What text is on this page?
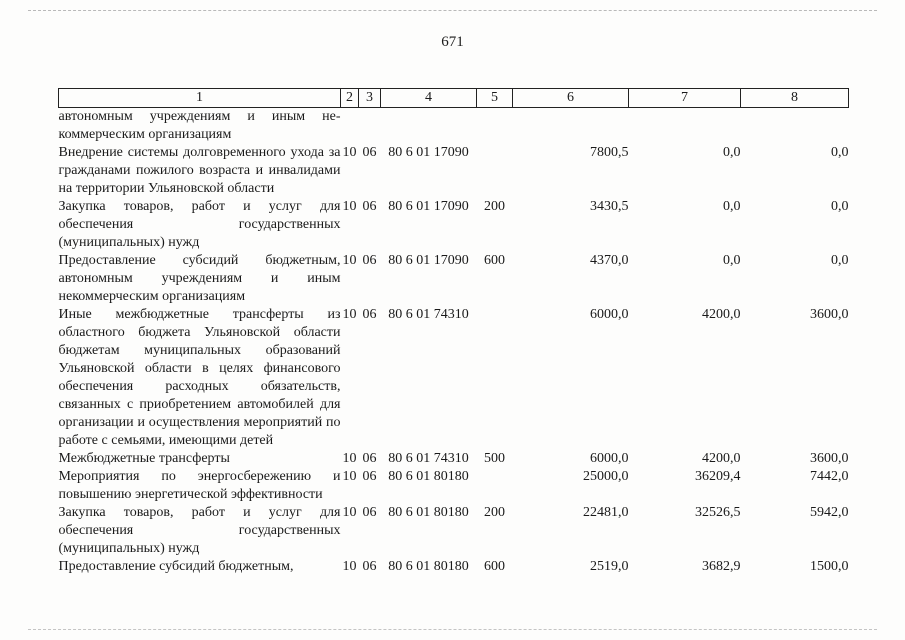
671
1	2	3	4	5	6	7	8
автономным учреждениям и иным не-коммерческим организациям							
Внедрение системы долговременного ухода за гражданами пожилого возраста и инвалидами на территории Ульяновской области	10	06	80 6 01 17090		7800,5	0,0	0,0
Закупка товаров, работ и услуг для обеспечения государственных (муниципальных) нужд	10	06	80 6 01 17090	200	3430,5	0,0	0,0
Предоставление субсидий бюджетным, автономным учреждениям и иным некоммерческим организациям	10	06	80 6 01 17090	600	4370,0	0,0	0,0
Иные межбюджетные трансферты из областного бюджета Ульяновской области бюджетам муниципальных образований Ульяновской области в целях финансового обеспечения расходных обязательств, связанных с приобретением автомобилей для организации и осуществления мероприятий по работе с семьями, имеющими детей	10	06	80 6 01 74310		6000,0	4200,0	3600,0
Межбюджетные трансферты	10	06	80 6 01 74310	500	6000,0	4200,0	3600,0
Мероприятия по энергосбережению и повышению энергетической эффективности	10	06	80 6 01 80180		25000,0	36209,4	7442,0
Закупка товаров, работ и услуг для обеспечения государственных (муниципальных) нужд	10	06	80 6 01 80180	200	22481,0	32526,5	5942,0
Предоставление субсидий бюджетным,	10	06	80 6 01 80180	600	2519,0	3682,9	1500,0
